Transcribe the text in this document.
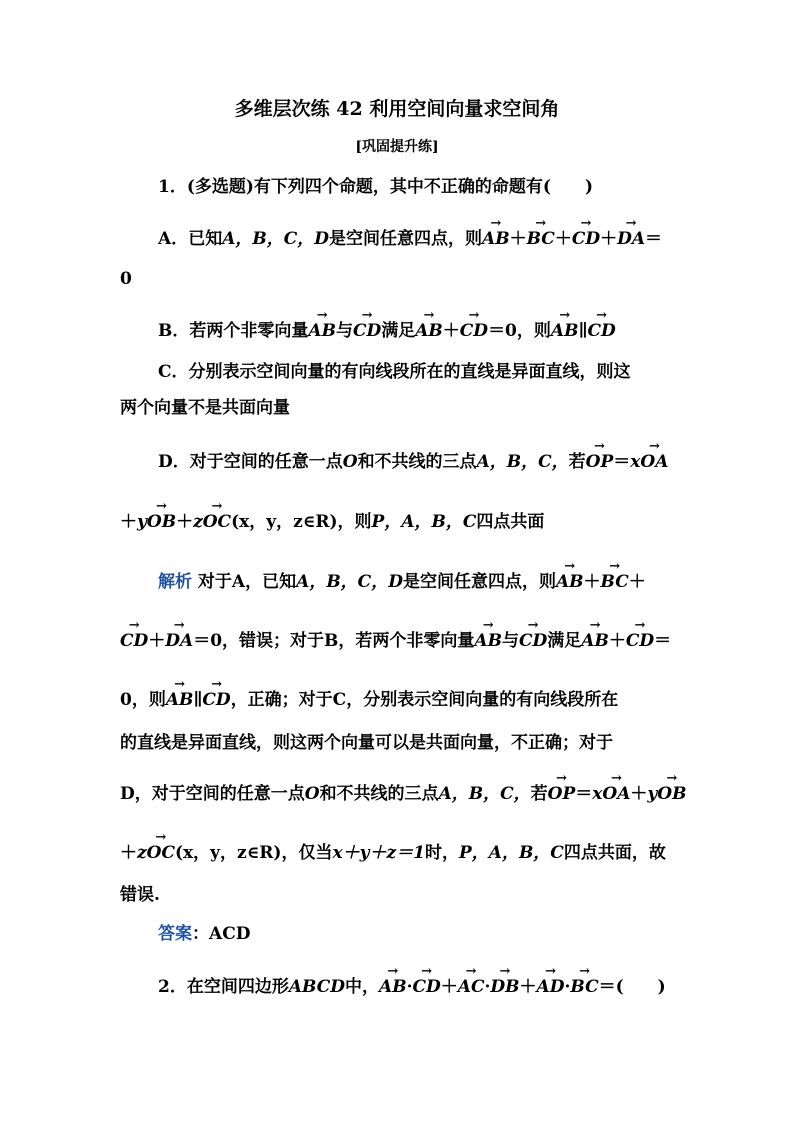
多维层次练 42 利用空间向量求空间角
[巩固提升练]
1．(多选题)有下列四个命题，其中不正确的命题有(　　)
A．已知A，B，C，D是空间任意四点，则→ AB＋→ BC＋→ CD＋→ DA＝
0
B．若两个非零向量→ AB与→ CD满足→ AB＋→ CD＝0，则→ AB∥→ CD
C．分别表示空间向量的有向线段所在的直线是异面直线，则这
两个向量不是共面向量
D．对于空间的任意一点O和不共线的三点A，B，C，若→ OP＝x→ OA
＋y→ OB＋z→ OC(x，y，z∈R)，则P，A，B，C四点共面
解析 对于A，已知A，B，C，D是空间任意四点，则→ AB＋→ BC＋
→ CD＋→ DA＝0，错误；对于B，若两个非零向量→ AB与→ CD满足→ AB＋→ CD＝
0，则→ AB∥→ CD，正确；对于C，分别表示空间向量的有向线段所在
的直线是异面直线，则这两个向量可以是共面向量，不正确；对于
D，对于空间的任意一点O和不共线的三点A，B，C，若→ OP＝x→ OA＋y→ OB
＋z→ OC(x，y，z∈R)，仅当x＋y＋z＝1时，P，A，B，C四点共面，故
错误.
答案：ACD
2．在空间四边形ABCD中，→ AB·→ CD＋→ AC·→ DB＋→ AD·→ BC＝(　　)
